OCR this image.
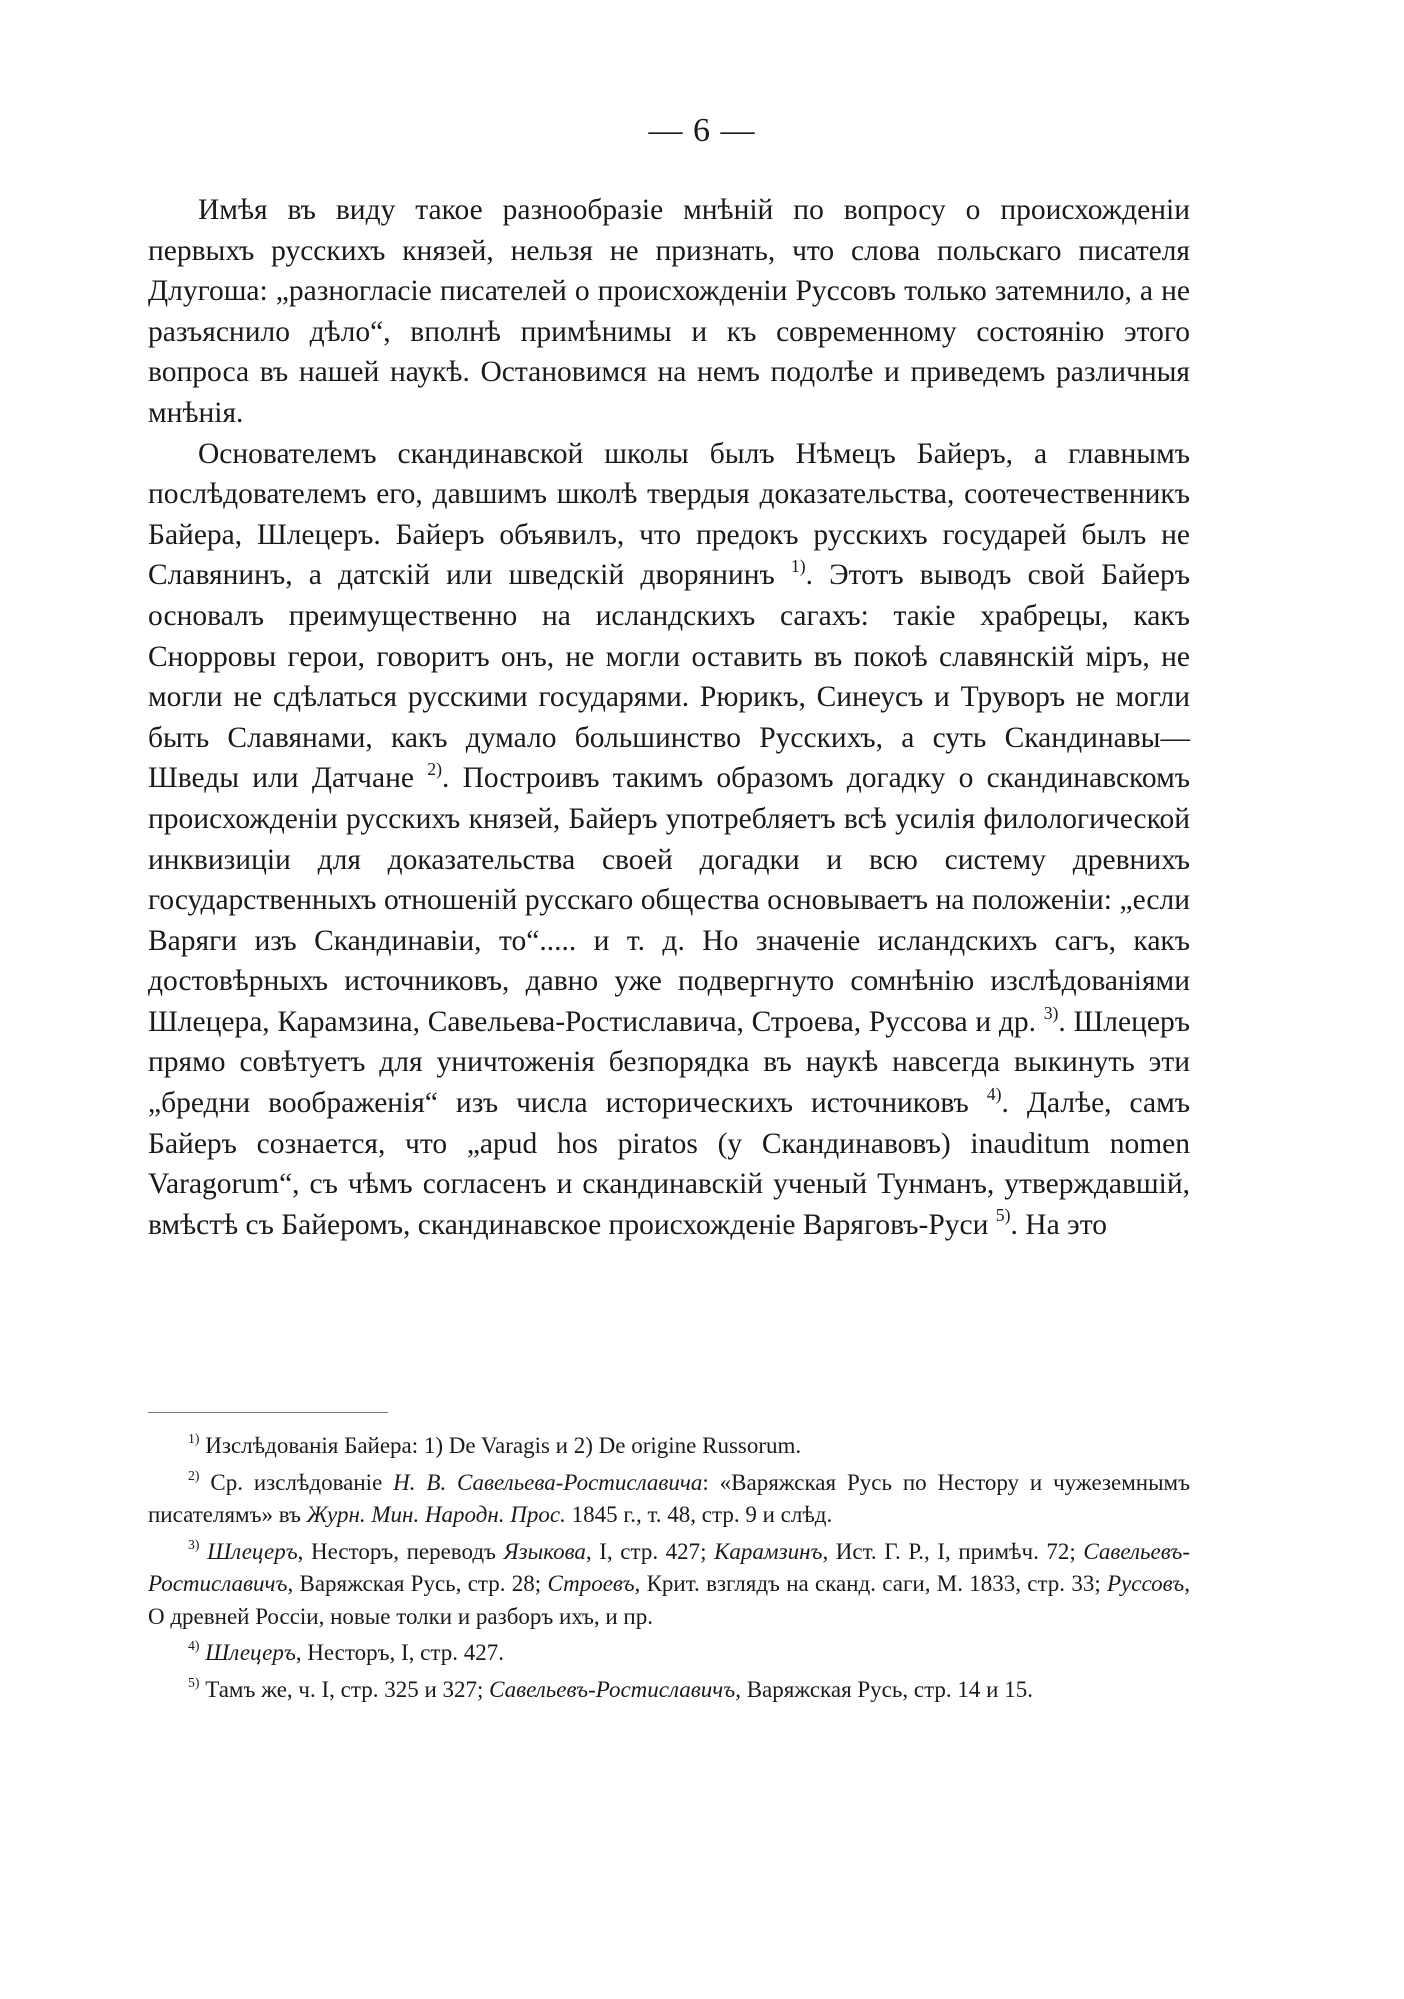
— 6 —

Имѣя въ виду такое разнообразіе мнѣній по вопросу о происхожденіи первыхъ русскихъ князей, нельзя не признать, что слова польскаго писателя Длугоша: „разногласіе писателей о происхожденіи Руссовъ только затемнило, а не разъяснило дѣло“, вполнѣ примѣнимы и къ современному состоянію этого вопроса въ нашей наукѣ. Остановимся на немъ подолѣе и приведемъ различныя мнѣнія.

Основателемъ скандинавской школы былъ Нѣмецъ Байеръ, а главнымъ послѣдователемъ его, давшимъ школѣ твердыя доказательства, соотечественникъ Байера, Шлецеръ. Байеръ объявилъ, что предокъ русскихъ государей былъ не Славянинъ, а датскій или шведскій дворянинъ $^{1)}$. Этотъ выводъ свой Байеръ основалъ преимущественно на исландскихъ сагахъ: такіе храбрецы, какъ Снорровы герои, говоритъ онъ, не могли оставить въ покоѣ славянскій міръ, не могли не сдѣлаться русскими государями. Рюрикъ, Синеусъ и Труворъ не могли быть Славянами, какъ думало большинство Русскихъ, а суть Скандинавы—Шведы или Датчане $^{2)}$. Построивъ такимъ образомъ догадку о скандинавскомъ происхожденіи русскихъ князей, Байеръ употребляетъ всѣ усилія филологической инквизиціи для доказательства своей догадки и всю систему древнихъ государственныхъ отношеній русскаго общества основываетъ на положеніи: „если Варяги изъ Скандинавіи, то“..... и т. д. Но значеніе исландскихъ сагъ, какъ достовѣрныхъ источниковъ, давно уже подвергнуто сомнѣнію изслѣдованіями Шлецера, Карамзина, Савельева-Ростиславича, Строева, Руссова и др. $^{3)}$. Шлецеръ прямо совѣтуетъ для уничтоженія безпорядка въ наукѣ навсегда выкинуть эти „бредни воображенія“ изъ числа историческихъ источниковъ $^{4)}$. Далѣе, самъ Байеръ сознается, что „apud hos piratos (у Скандинавовъ) inauditum nomen Varagorum“, съ чѣмъ согласенъ и скандинавскій ученый Тунманъ, утверждавшій, вмѣстѣ съ Байеромъ, скандинавское происхожденіе Варяговъ-Руси $^{5)}$. На это

$^{1)}$ Изслѣдованія Байера: 1) De Varagis и 2) De origine Russorum.
$^{2)}$ Ср. изслѣдованіе Н. В. Савельева-Ростиславича: «Варяжская Русь по Нестору и чужеземнымъ писателямъ» въ Журн. Мин. Народн. Прос. 1845 г., т. 48, стр. 9 и слѣд.
$^{3)}$ Шлецеръ, Несторъ, переводъ Языкова, I, стр. 427; Карамзинъ, Ист. Г. Р., I, примѣч. 72; Савельевъ-Ростиславичъ, Варяжская Русь, стр. 28; Строевъ, Крит. взглядъ на сканд. саги, М. 1833, стр. 33; Руссовъ, О древней Россіи, новые толки и разборъ ихъ, и пр.
$^{4)}$ Шлецеръ, Несторъ, I, стр. 427.
$^{5)}$ Тамъ же, ч. I, стр. 325 и 327; Савельевъ-Ростиславичъ, Варяжская Русь, стр. 14 и 15.
